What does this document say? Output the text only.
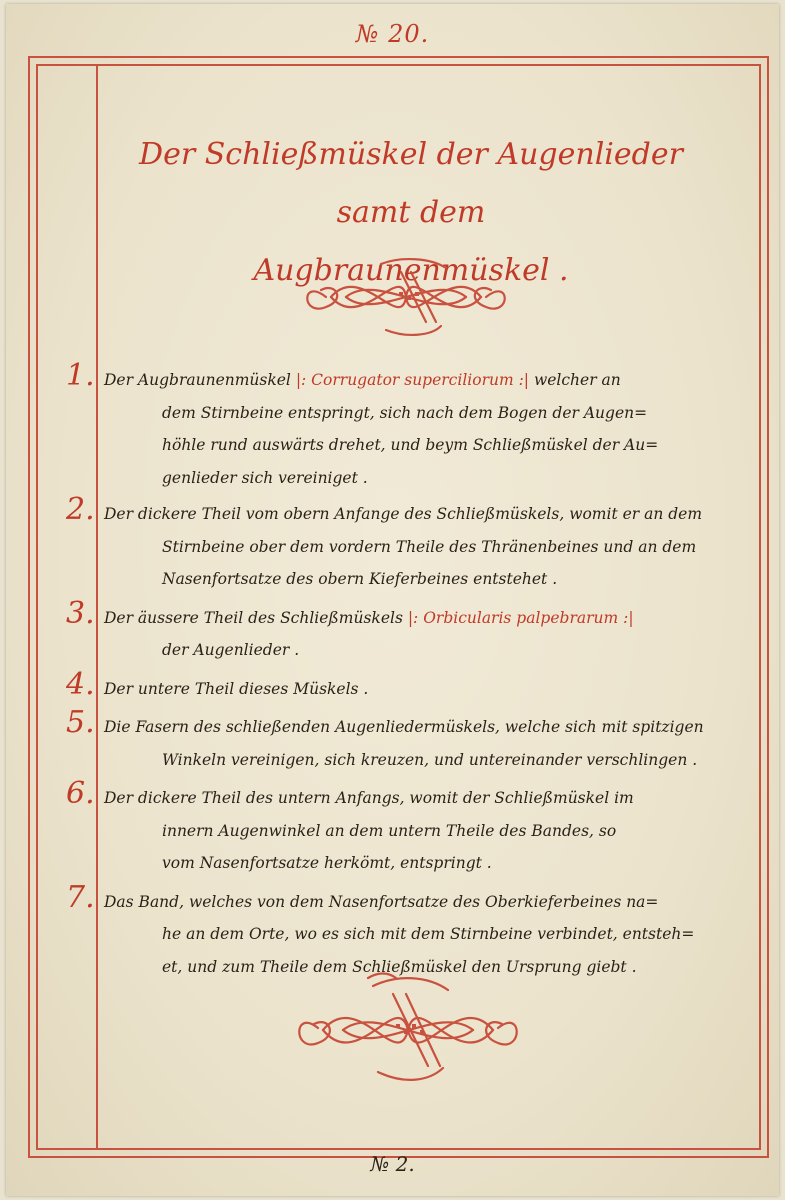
№ 20.
Der Schließmüskel der Augenlieder samt dem
Augbraunenmüskel .
1. Der Augbraunenmüskel |: Corrugator superciliorum :| welcher an
dem Stirnbeine entspringt, sich nach dem Bogen der Augen=
höhle rund auswärts drehet, und beym Schließmüskel der Au=
genlieder sich vereiniget .
2. Der dickere Theil vom obern Anfange des Schließmüskels, womit er an dem
Stirnbeine ober dem vordern Theile des Thränenbeines und an dem
Nasenfortsatze des obern Kieferbeines entstehet .
3. Der äussere Theil des Schließmüskels |: Orbicularis palpebrarum :|
der Augenlieder .
4. Der untere Theil dieses Müskels .
5. Die Fasern des schließenden Augenliedermüskels, welche sich mit spitzigen
Winkeln vereinigen, sich kreuzen, und untereinander verschlingen .
6. Der dickere Theil des untern Anfangs, womit der Schließmüskel im
innern Augenwinkel an dem untern Theile des Bandes, so
vom Nasenfortsatze herkömt, entspringt .
7. Das Band, welches von dem Nasenfortsatze des Oberkieferbeines na=
he an dem Orte, wo es sich mit dem Stirnbeine verbindet, entsteh=
et, und zum Theile dem Schließmüskel den Ursprung giebt .
№ 2.
